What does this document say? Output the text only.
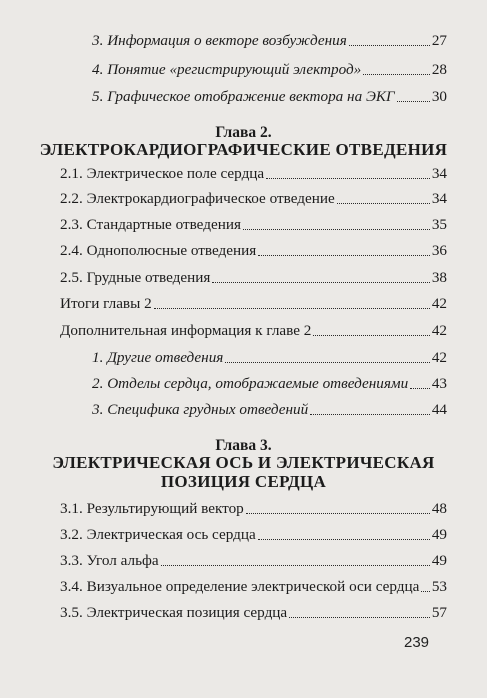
3. Информация о векторе возбуждения	27
4. Понятие «регистрирующий электрод»	28
5. Графическое отображение вектора на ЭКГ 30
Глава 2.
ЭЛЕКТРОКАРДИОГРАФИЧЕСКИЕ ОТВЕДЕНИЯ
2.1. Электрическое поле сердца	34
2.2. Электрокардиографическое отведение	34
2.3. Стандартные отведения	35
2.4. Однополюсные отведения	36
2.5. Грудные отведения	38
Итоги главы 2	42
Дополнительная информация к главе 2	42
1. Другие отведения	42
2. Отделы сердца, отображаемые отведениями 43
3. Специфика грудных отведений	44
Глава 3.
ЭЛЕКТРИЧЕСКАЯ ОСЬ И ЭЛЕКТРИЧЕСКАЯ
ПОЗИЦИЯ СЕРДЦА
3.1. Результирующий вектор	48
3.2. Электрическая ось сердца	49
3.3. Угол альфа	49
3.4. Визуальное определение электрической оси сердца 53
3.5. Электрическая позиция сердца	57
239
